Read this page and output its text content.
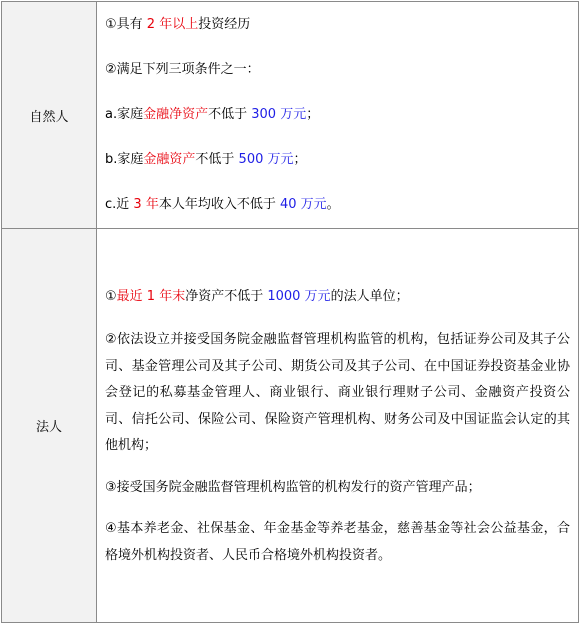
自然人	①具有 2 年以上投资经历
②满足下列三项条件之一：
a.家庭金融净资产不低于 300 万元；
b.家庭金融资产不低于 500 万元；
c.近 3 年本人年均收入不低于 40 万元。

法人	①最近 1 年末净资产不低于 1000 万元的法人单位；
②依法设立并接受国务院金融监督管理机构监管的机构，包括证券公司及其子公司、基金管理公司及其子公司、期货公司及其子公司、在中国证券投资基金业协会登记的私募基金管理人、商业银行、商业银行理财子公司、金融资产投资公司、信托公司、保险公司、保险资产管理机构、财务公司及中国证监会认定的其他机构；
③接受国务院金融监督管理机构监管的机构发行的资产管理产品；
④基本养老金、社保基金、年金基金等养老基金，慈善基金等社会公益基金，合格境外机构投资者、人民币合格境外机构投资者。
